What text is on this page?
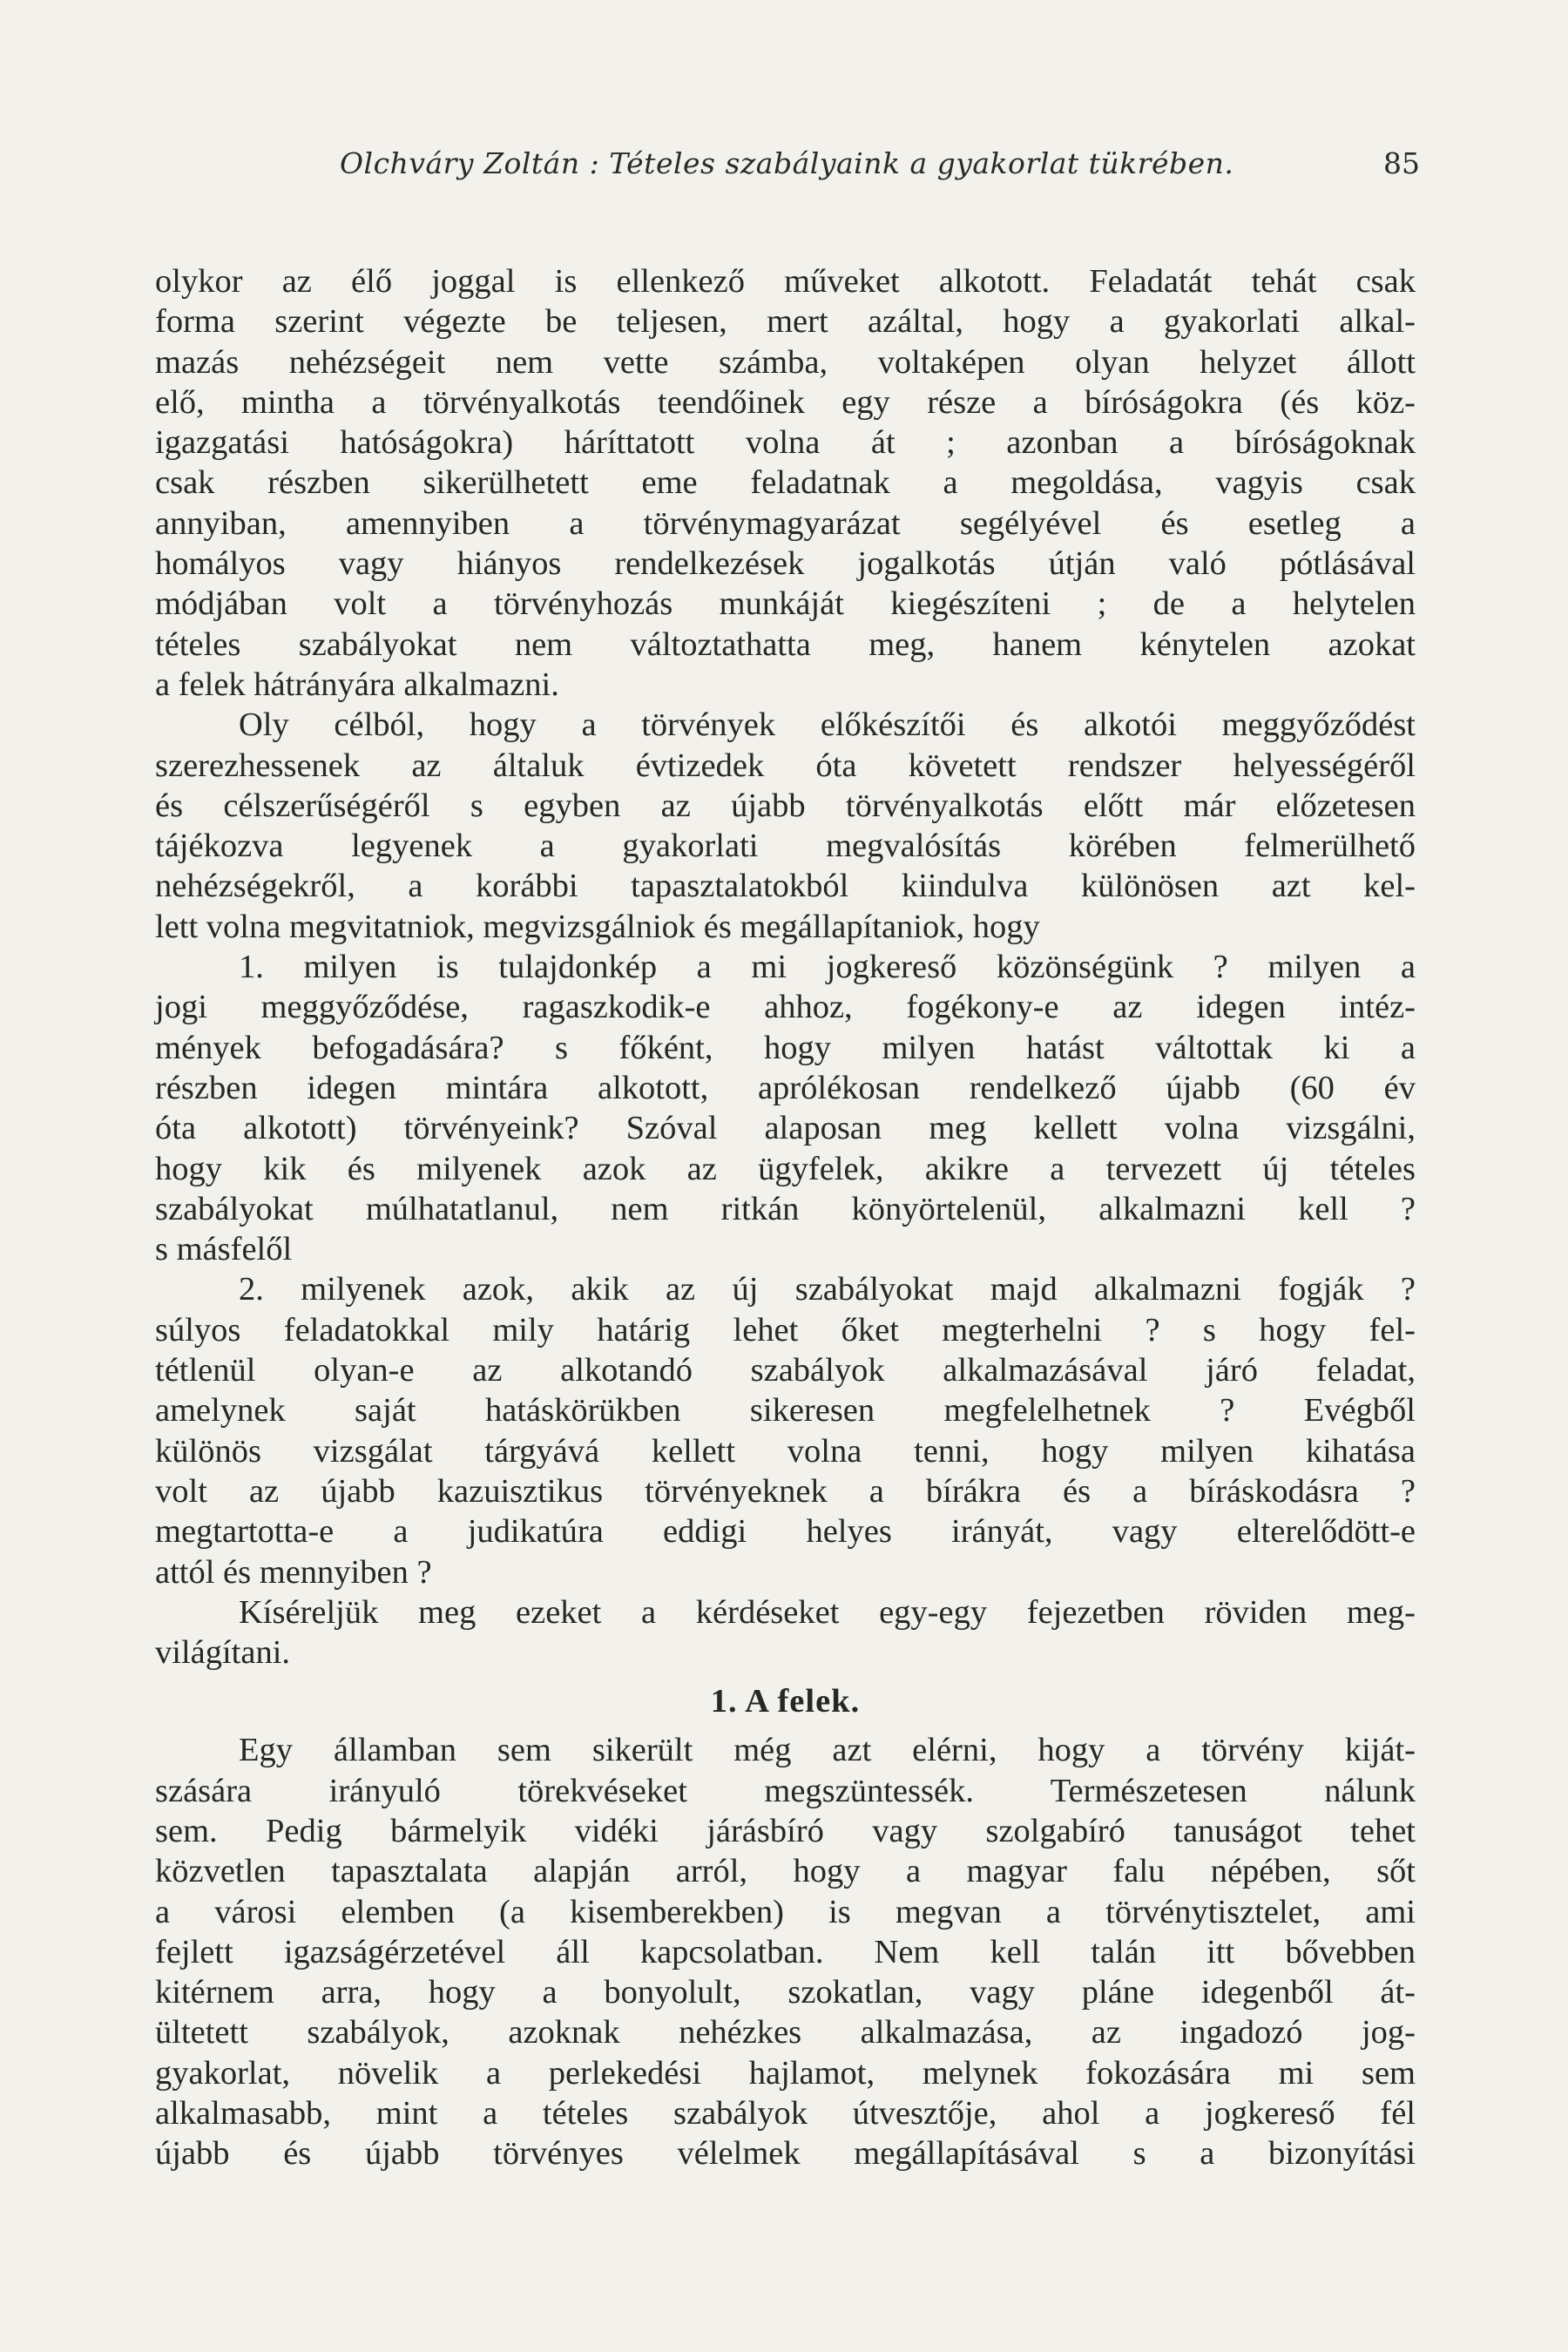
Olchváry Zoltán : Tételes szabályaink a gyakorlat tükrében.	85
olykor az élő joggal is ellenkező műveket alkotott. Feladatát tehát csak
forma szerint végezte be teljesen, mert azáltal, hogy a gyakorlati alkal-
mazás nehézségeit nem vette számba, voltaképen olyan helyzet állott
elő, mintha a törvényalkotás teendőinek egy része a bíróságokra (és köz-
igazgatási hatóságokra) háríttatott volna át ; azonban a bíróságoknak
csak részben sikerülhetett eme feladatnak a megoldása, vagyis csak
annyiban, amennyiben a törvénymagyarázat segélyével és esetleg a
homályos vagy hiányos rendelkezések jogalkotás útján való pótlásával
módjában volt a törvényhozás munkáját kiegészíteni ; de a helytelen
tételes szabályokat nem változtathatta meg, hanem kénytelen azokat
a felek hátrányára alkalmazni.
Oly célból, hogy a törvények előkészítői és alkotói meggyőződést
szerezhessenek az általuk évtizedek óta követett rendszer helyességéről
és célszerűségéről s egyben az újabb törvényalkotás előtt már előzetesen
tájékozva legyenek a gyakorlati megvalósítás körében felmerülhető
nehézségekről, a korábbi tapasztalatokból kiindulva különösen azt kel-
lett volna megvitatniok, megvizsgálniok és megállapítaniok, hogy
1. milyen is tulajdonkép a mi jogkereső közönségünk ? milyen a
jogi meggyőződése, ragaszkodik-e ahhoz, fogékony-e az idegen intéz-
mények befogadására? s főként, hogy milyen hatást váltottak ki a
részben idegen mintára alkotott, aprólékosan rendelkező újabb (60 év
óta alkotott) törvényeink? Szóval alaposan meg kellett volna vizsgálni,
hogy kik és milyenek azok az ügyfelek, akikre a tervezett új tételes
szabályokat múlhatatlanul, nem ritkán könyörtelenül, alkalmazni kell ?
s másfelől
2. milyenek azok, akik az új szabályokat majd alkalmazni fogják ?
súlyos feladatokkal mily határig lehet őket megterhelni ? s hogy fel-
tétlenül olyan-e az alkotandó szabályok alkalmazásával járó feladat,
amelynek saját hatáskörükben sikeresen megfelelhetnek ? Evégből
különös vizsgálat tárgyává kellett volna tenni, hogy milyen kihatása
volt az újabb kazuisztikus törvényeknek a bírákra és a bíráskodásra ?
megtartotta-e a judikatúra eddigi helyes irányát, vagy elterelődött-e
attól és mennyiben ?
Kíséreljük meg ezeket a kérdéseket egy-egy fejezetben röviden meg-
világítani.
1. A felek.
Egy államban sem sikerült még azt elérni, hogy a törvény kiját-
szására irányuló törekvéseket megszüntessék. Természetesen nálunk
sem. Pedig bármelyik vidéki járásbíró vagy szolgabíró tanuságot tehet
közvetlen tapasztalata alapján arról, hogy a magyar falu népében, sőt
a városi elemben (a kisemberekben) is megvan a törvénytisztelet, ami
fejlett igazságérzetével áll kapcsolatban. Nem kell talán itt bővebben
kitérnem arra, hogy a bonyolult, szokatlan, vagy pláne idegenből át-
ültetett szabályok, azoknak nehézkes alkalmazása, az ingadozó jog-
gyakorlat, növelik a perlekedési hajlamot, melynek fokozására mi sem
alkalmasabb, mint a tételes szabályok útvesztője, ahol a jogkereső fél
újabb és újabb törvényes vélelmek megállapításával s a bizonyítási
